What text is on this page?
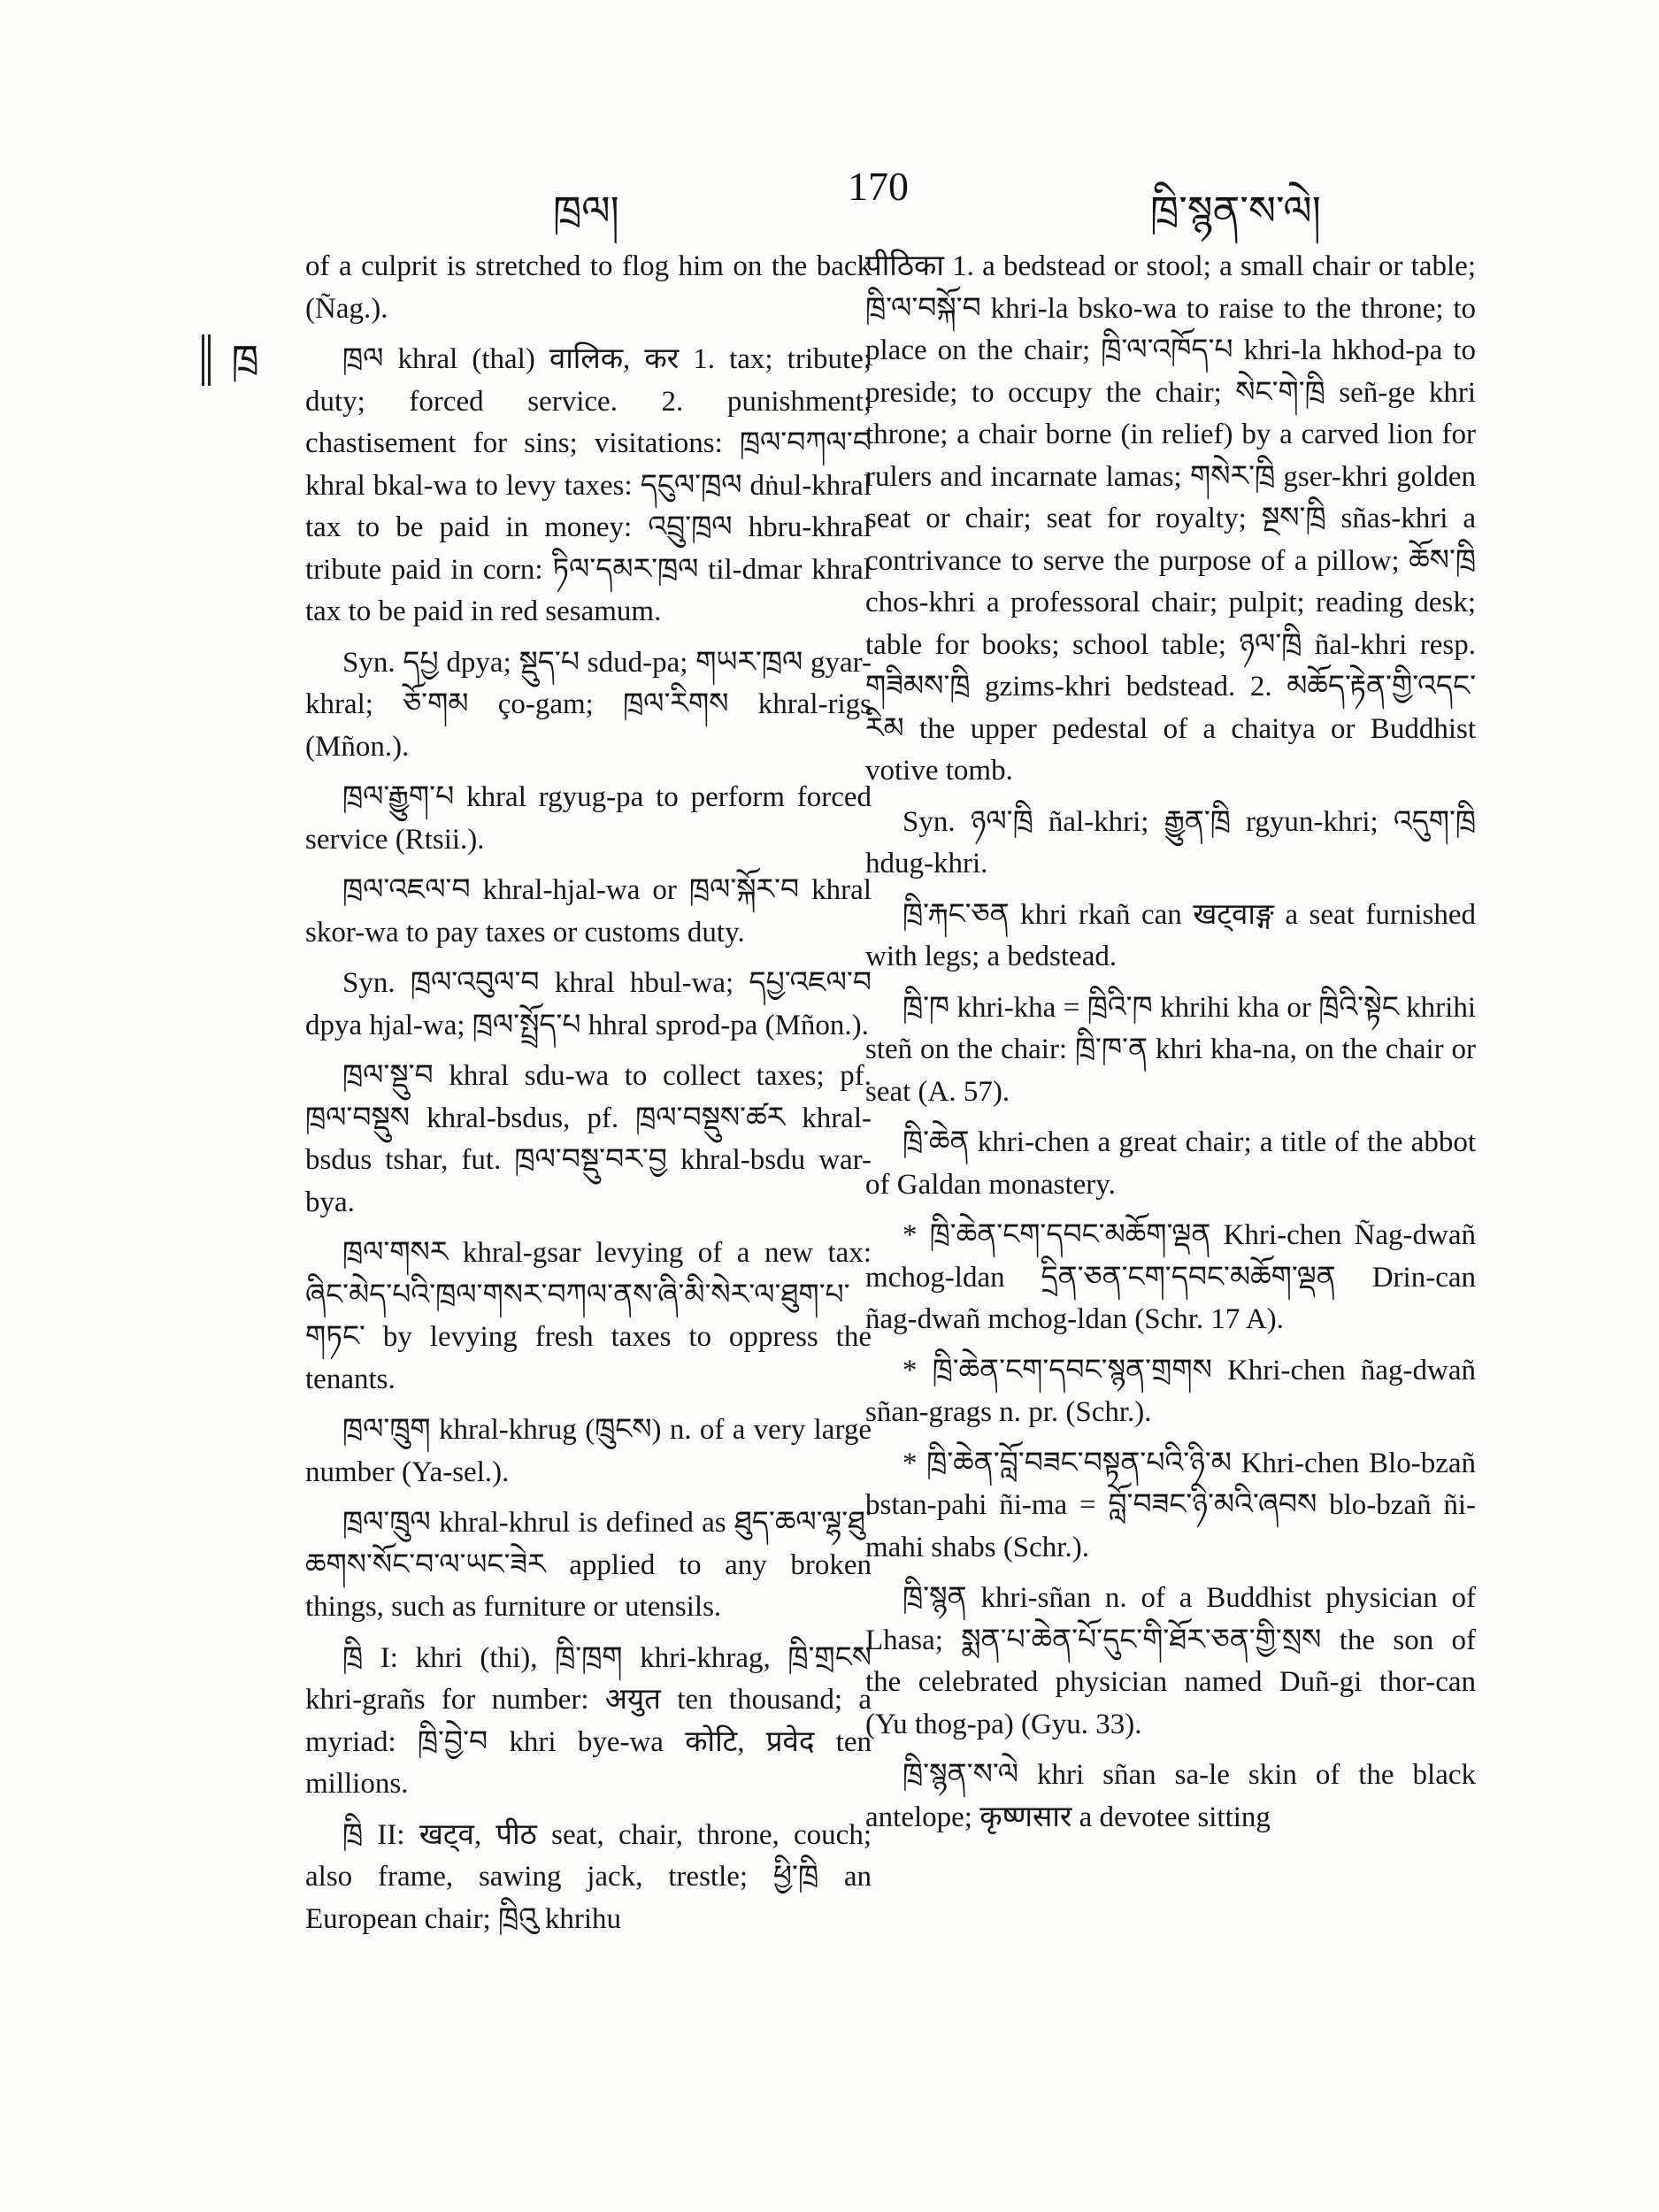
ཁྲལ།
170
ཁྲི་སྙན་ས་ལེ།
ཁྲ

of a culprit is stretched to flog him on the back (Ñag.).

ཁྲལ khral (thal) वालिक, कर 1. tax; tribute; duty; forced service. 2. punishment; chastisement for sins; visitations: ཁྲལ་བཀལ་བ khral bkal-wa to levy taxes: དངུལ་ཁྲལ dṅul-khral tax to be paid in money: འབྲུ་ཁྲལ hbru-khral tribute paid in corn: ཏིལ་དམར་ཁྲལ til-dmar khral tax to be paid in red sesamum.

Syn. དཔྱ dpya; སྡུད་པ sdud-pa; གཡར་ཁྲལ gyar-khral; ཅོ་གམ ço-gam; ཁྲལ་རིགས khral-rigs (Mñon.).

ཁྲལ་རྒྱུག་པ khral rgyug-pa to perform forced service (Rtsii.).

ཁྲལ་འཇལ་བ khral-hjal-wa or ཁྲལ་སྐོར་བ khral skor-wa to pay taxes or customs duty.

Syn. ཁྲལ་འབུལ་བ khral hbul-wa; དཔྱ་འཇལ་བ dpya hjal-wa; ཁྲལ་སྤྲོད་པ hhral sprod-pa (Mñon.).

ཁྲལ་སྡུ་བ khral sdu-wa to collect taxes; pf. ཁྲལ་བསྡུས khral-bsdus, pf. ཁྲལ་བསྡུས་ཚར khral-bsdus tshar, fut. ཁྲལ་བསྡུ་བར་བྱ khral-bsdu war-bya.

ཁྲལ་གསར khral-gsar levying of a new tax: ཞིང་མེད་པའི་ཁྲལ་གསར་བཀལ་ནས་ཞི་མི་སེར་ལ་ཐུག་པ་གཏང་ by levying fresh taxes to oppress the tenants.

ཁྲལ་ཁྲུག khral-khrug (ཁྲུངས) n. of a very large number (Ya-sel.).

ཁྲལ་ཁྲུལ khral-khrul is defined as ཐུད་ཆལ་ལྷ་ཐུ་ཆགས་སོང་བ་ལ་ཡང་ཟེར applied to any broken things, such as furniture or utensils.

ཁྲི I: khri (thi), ཁྲི་ཁྲག khri-khrag, ཁྲི་གྲངས khri-grañs for number: अयुत ten thousand; a myriad: ཁྲི་བྱེ་བ khri bye-wa कोटि, प्रवेद ten millions.

ཁྲི II: खट्व, पीठ seat, chair, throne, couch; also frame, sawing jack, trestle; ཕྱི་ཁྲི an European chair; ཁྲིའུ khrihu

पीठिका 1. a bedstead or stool; a small chair or table; ཁྲི་ལ་བསྐོ་བ khri-la bsko-wa to raise to the throne; to place on the chair; ཁྲི་ལ་འཁོད་པ khri-la hkhod-pa to preside; to occupy the chair; སེང་གེ་ཁྲི señ-ge khri throne; a chair borne (in relief) by a carved lion for rulers and incarnate lamas; གསེར་ཁྲི gser-khri golden seat or chair; seat for royalty; སྔས་ཁྲི sñas-khri a contrivance to serve the purpose of a pillow; ཆོས་ཁྲི chos-khri a professoral chair; pulpit; reading desk; table for books; school table; ཉལ་ཁྲི ñal-khri resp. གཟིམས་ཁྲི gzims-khri bedstead. 2. མཆོད་རྟེན་གྱི་འདང་རིམ the upper pedestal of a chaitya or Buddhist votive tomb.

Syn. ཉལ་ཁྲི ñal-khri; རྒྱུན་ཁྲི rgyun-khri; འདུག་ཁྲི hdug-khri.

ཁྲི་རྐང་ཅན khri rkañ can खट्वाङ्ग a seat furnished with legs; a bedstead.

ཁྲི་ཁ khri-kha = ཁྲིའི་ཁ khrihi kha or ཁྲིའི་སྟེང khrihi steñ on the chair: ཁྲི་ཁ་ན khri kha-na, on the chair or seat (A. 57).

ཁྲི་ཆེན khri-chen a great chair; a title of the abbot of Galdan monastery.

* ཁྲི་ཆེན་ངག་དབང་མཆོག་ལྡན Khri-chen Ñag-dwañ mchog-ldan དྲིན་ཅན་ངག་དབང་མཆོག་ལྡན Drin-can ñag-dwañ mchog-ldan (Schr. 17 A).

* ཁྲི་ཆེན་ངག་དབང་སྙན་གྲགས Khri-chen ñag-dwañ sñan-grags n. pr. (Schr.).

* ཁྲི་ཆེན་བློ་བཟང་བསྟན་པའི་ཉི་མ Khri-chen Blo-bzañ bstan-pahi ñi-ma = བློ་བཟང་ཉི་མའི་ཞབས blo-bzañ ñi-mahi shabs (Schr.).

ཁྲི་སྙན khri-sñan n. of a Buddhist physician of Lhasa; སྨན་པ་ཆེན་པོ་དུང་གི་ཐོར་ཅན་གྱི་སྲས the son of the celebrated physician named Duñ-gi thor-can (Yu thog-pa) (Gyu. 33).

ཁྲི་སྙན་ས་ལེ khri sñan sa-le skin of the black antelope; कृष्णसार a devotee sitting
